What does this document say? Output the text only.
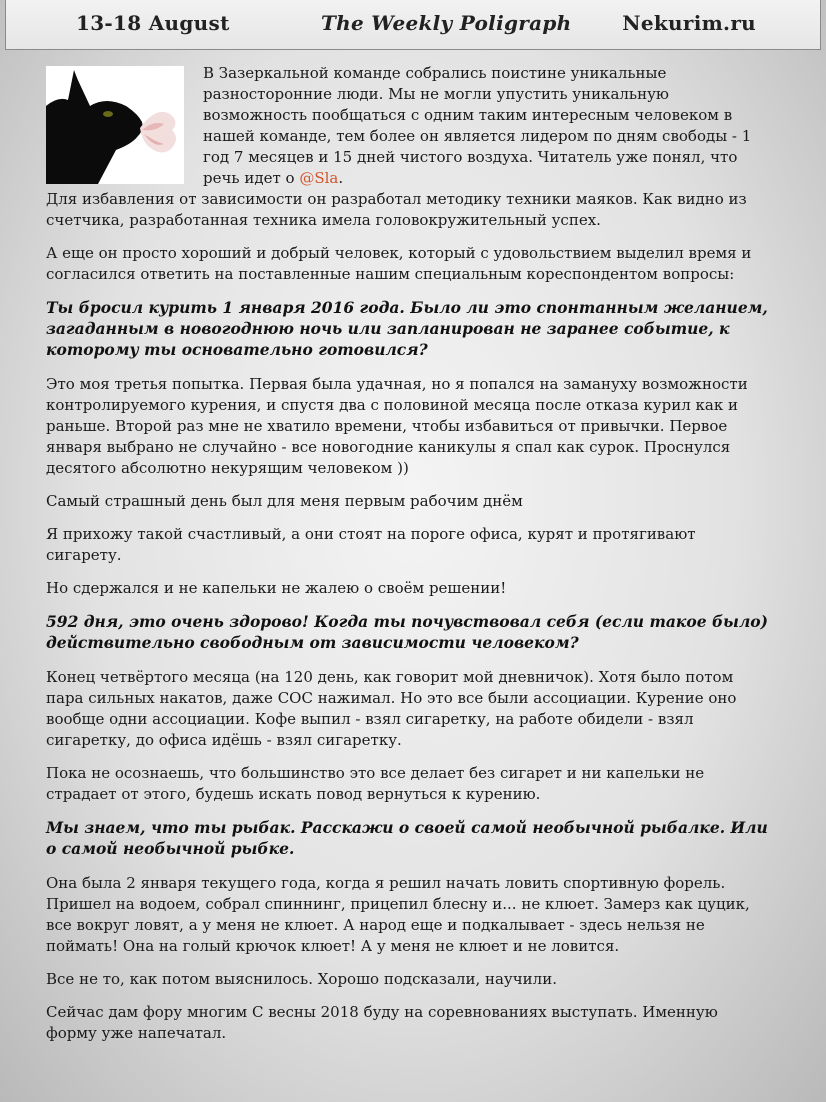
13-18 August	The Weekly Poligraph	Nekurim.ru

В Зазеркальной команде собрались поистине уникальные разносторонние люди. Мы не могли упустить уникальную возможность пообщаться с одним таким интересным человеком в нашей команде, тем более он является лидером по дням свободы - 1 год 7 месяцев и 15 дней чистого воздуха. Читатель уже понял, что речь идет о @Sla.

Для избавления от зависимости он разработал методику техники маяков. Как видно из счетчика, разработанная техника имела головокружительный успех.

А еще он просто хороший и добрый человек, который с удовольствием выделил время и согласился ответить на поставленные нашим специальным кореспондентом вопросы:

Ты бросил курить 1 января 2016 года. Было ли это спонтанным желанием, загаданным в новогоднюю ночь или запланирован не заранее событие, к которому ты основательно готовился?

Это моя третья попытка. Первая была удачная, но я попался на замануху возможности контролируемого курения, и спустя два с половиной месяца после отказа курил как и раньше. Второй раз мне не хватило времени, чтобы избавиться от привычки. Первое января выбрано не случайно - все новогодние каникулы я спал как сурок. Проснулся десятого абсолютно некурящим человеком ))

Самый страшный день был для меня первым рабочим днём

Я прихожу такой счастливый, а они стоят на пороге офиса, курят и протягивают сигарету.

Но сдержался и не капельки не жалею о своём решении!

592 дня, это очень здорово! Когда ты почувствовал себя (если такое было) действительно свободным от зависимости человеком?

Конец четвёртого месяца (на 120 день, как говорит мой дневничок). Хотя было потом пара сильных накатов, даже СОС нажимал. Но это все были ассоциации. Курение оно вообще одни ассоциации. Кофе выпил - взял сигаретку, на работе обидели - взял сигаретку, до офиса идёшь - взял сигаретку.

Пока не осознаешь, что большинство это все делает без сигарет и ни капельки не страдает от этого, будешь искать повод вернуться к курению.

Мы знаем, что ты рыбак. Расскажи о своей самой необычной рыбалке. Или о самой необычной рыбке.

Она была 2 января текущего года, когда я решил начать ловить спортивную форель. Пришел на водоем, собрал спиннинг, прицепил блесну и... не клюет. Замерз как цуцик, все вокруг ловят, а у меня не клюет. А народ еще и подкалывает - здесь нельзя не поймать! Она на голый крючок клюет! А у меня не клюет и не ловится.

Все не то, как потом выяснилось. Хорошо подсказали, научили.

Сейчас дам фору многим С весны 2018 буду на соревнованиях выступать. Именную форму уже напечатал.
